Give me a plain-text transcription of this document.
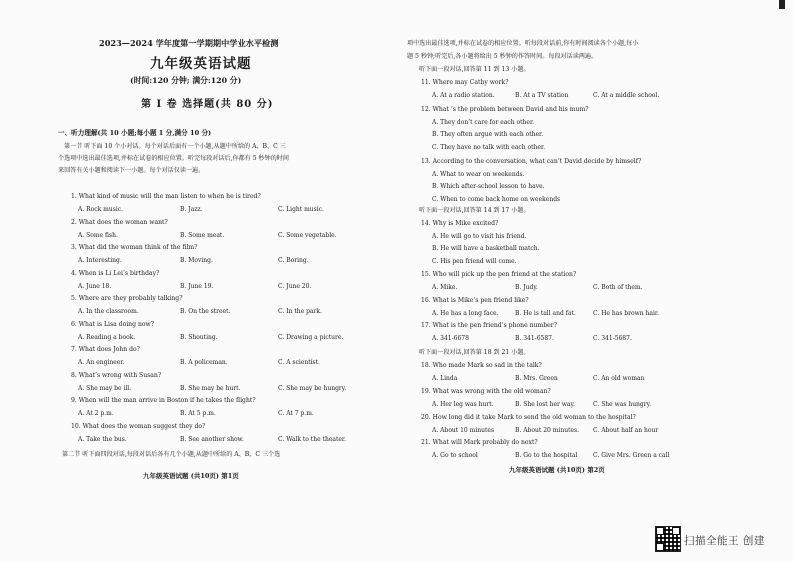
2023—2024 学年度第一学期期中学业水平检测
九年级英语试题
(时间:120 分钟; 满分:120 分)
第 I 卷 选择题(共 80 分)
一、听力理解(共 10 小题;每小题 1 分,满分 10 分)
第一节 听下面 10 个小对话。每个对话后面有一个小题,从题中所给的 A、B、C 三
个选项中选出最佳选项,并标在试卷的相应位置。听完每段对话后,你都有 5 秒钟的时间
来回答有关小题和阅读下一小题。每个对话仅读一遍。
1. What kind of music will the man listen to when he is tired?
A. Rock music.	B. Jazz.	C. Light music.
2. What does the woman want?
A. Some fish.	B. Some meat.	C. Some vegetable.
3. What did the woman think of the film?
A. Interesting.	B. Moving.	C. Boring.
4. When is Li Lei’s birthday?
A. June 18.	B. June 19.	C. June 20.
5. Where are they probably talking?
A. In the classroom.	B. On the street.	C. In the park.
6. What is Lisa doing now?
A. Reading a book.	B. Shouting.	C. Drawing a picture.
7. What does John do?
A. An engineer.	B. A policeman.	C. A scientist.
8. What’s wrong with Susan?
A. She may be ill.	B. She may be hurt.	C. She may be hungry.
9. When will the man arrive in Boston if he takes the flight?
A. At 2 p.m.	B. At 5 p.m.	C. At 7 p.m.
10. What does the woman suggest they do?
A. Take the bus.	B. See another show.	C. Walk to the theater.
第二节 听下面四段对话,每段对话后各有几个小题,从题中所给的 A、B、C 三个选
九年级英语试题 (共10页) 第1页
项中选出最佳选项,并标在试卷的相应位置。听每段对话前,你有时间阅读各个小题,每小
题 5 秒钟;听完后,各小题将给出 5 秒钟的作答时间。每段对话读两遍。
听下面一段对话,回答第 11 到 13 小题。
11. Where may Cathy work?
A. At a radio station.	B. At a TV station	C. At a middle school.
12. What ’s the problem between David and his mum?
A. They don’t care for each other.
B. They often argue with each other.
C. They have no talk with each other.
13. According to the conversation, what can’t David decide by himself?
A. What to wear on weekends.
B. Which after-school lesson to have.
C. When to come back home on weekends
听下面一段对话,回答第 14 到 17 小题。
14. Why is Mike excited?
A. He will go to visit his friend.
B. He will have a basketball match.
C. His pen friend will come.
15. Who will pick up the pen friend at the station?
A. Mike.	B. Judy.	C. Both of them.
16. What is Mike’s pen friend like?
A. He has a long face.	B. He is tall and fat.	C. He has brown hair.
17. What is the pen friend’s phone number?
A. 341-6678	B. 341-6587.	C. 341-5687.
听下面一段对话,回答第 18 到 21 小题。
18. Who made Mark so sad in the talk?
A. Linda	B. Mrs. Green	C. An old woman
19. What was wrong with the old woman?
A. Her leg was hurt.	B. She lost her way.	C. She was hungry.
20. How long did it take Mark to send the old woman to the hospital?
A. About 10 minutes	B. About 20 minutes. C. About half an hour
21. What will Mark probably do next?
A. Go to school	B. Go to the hospital	C. Give Mrs. Green a call
九年级英语试题 (共10页) 第2页
扫描全能王 创建
